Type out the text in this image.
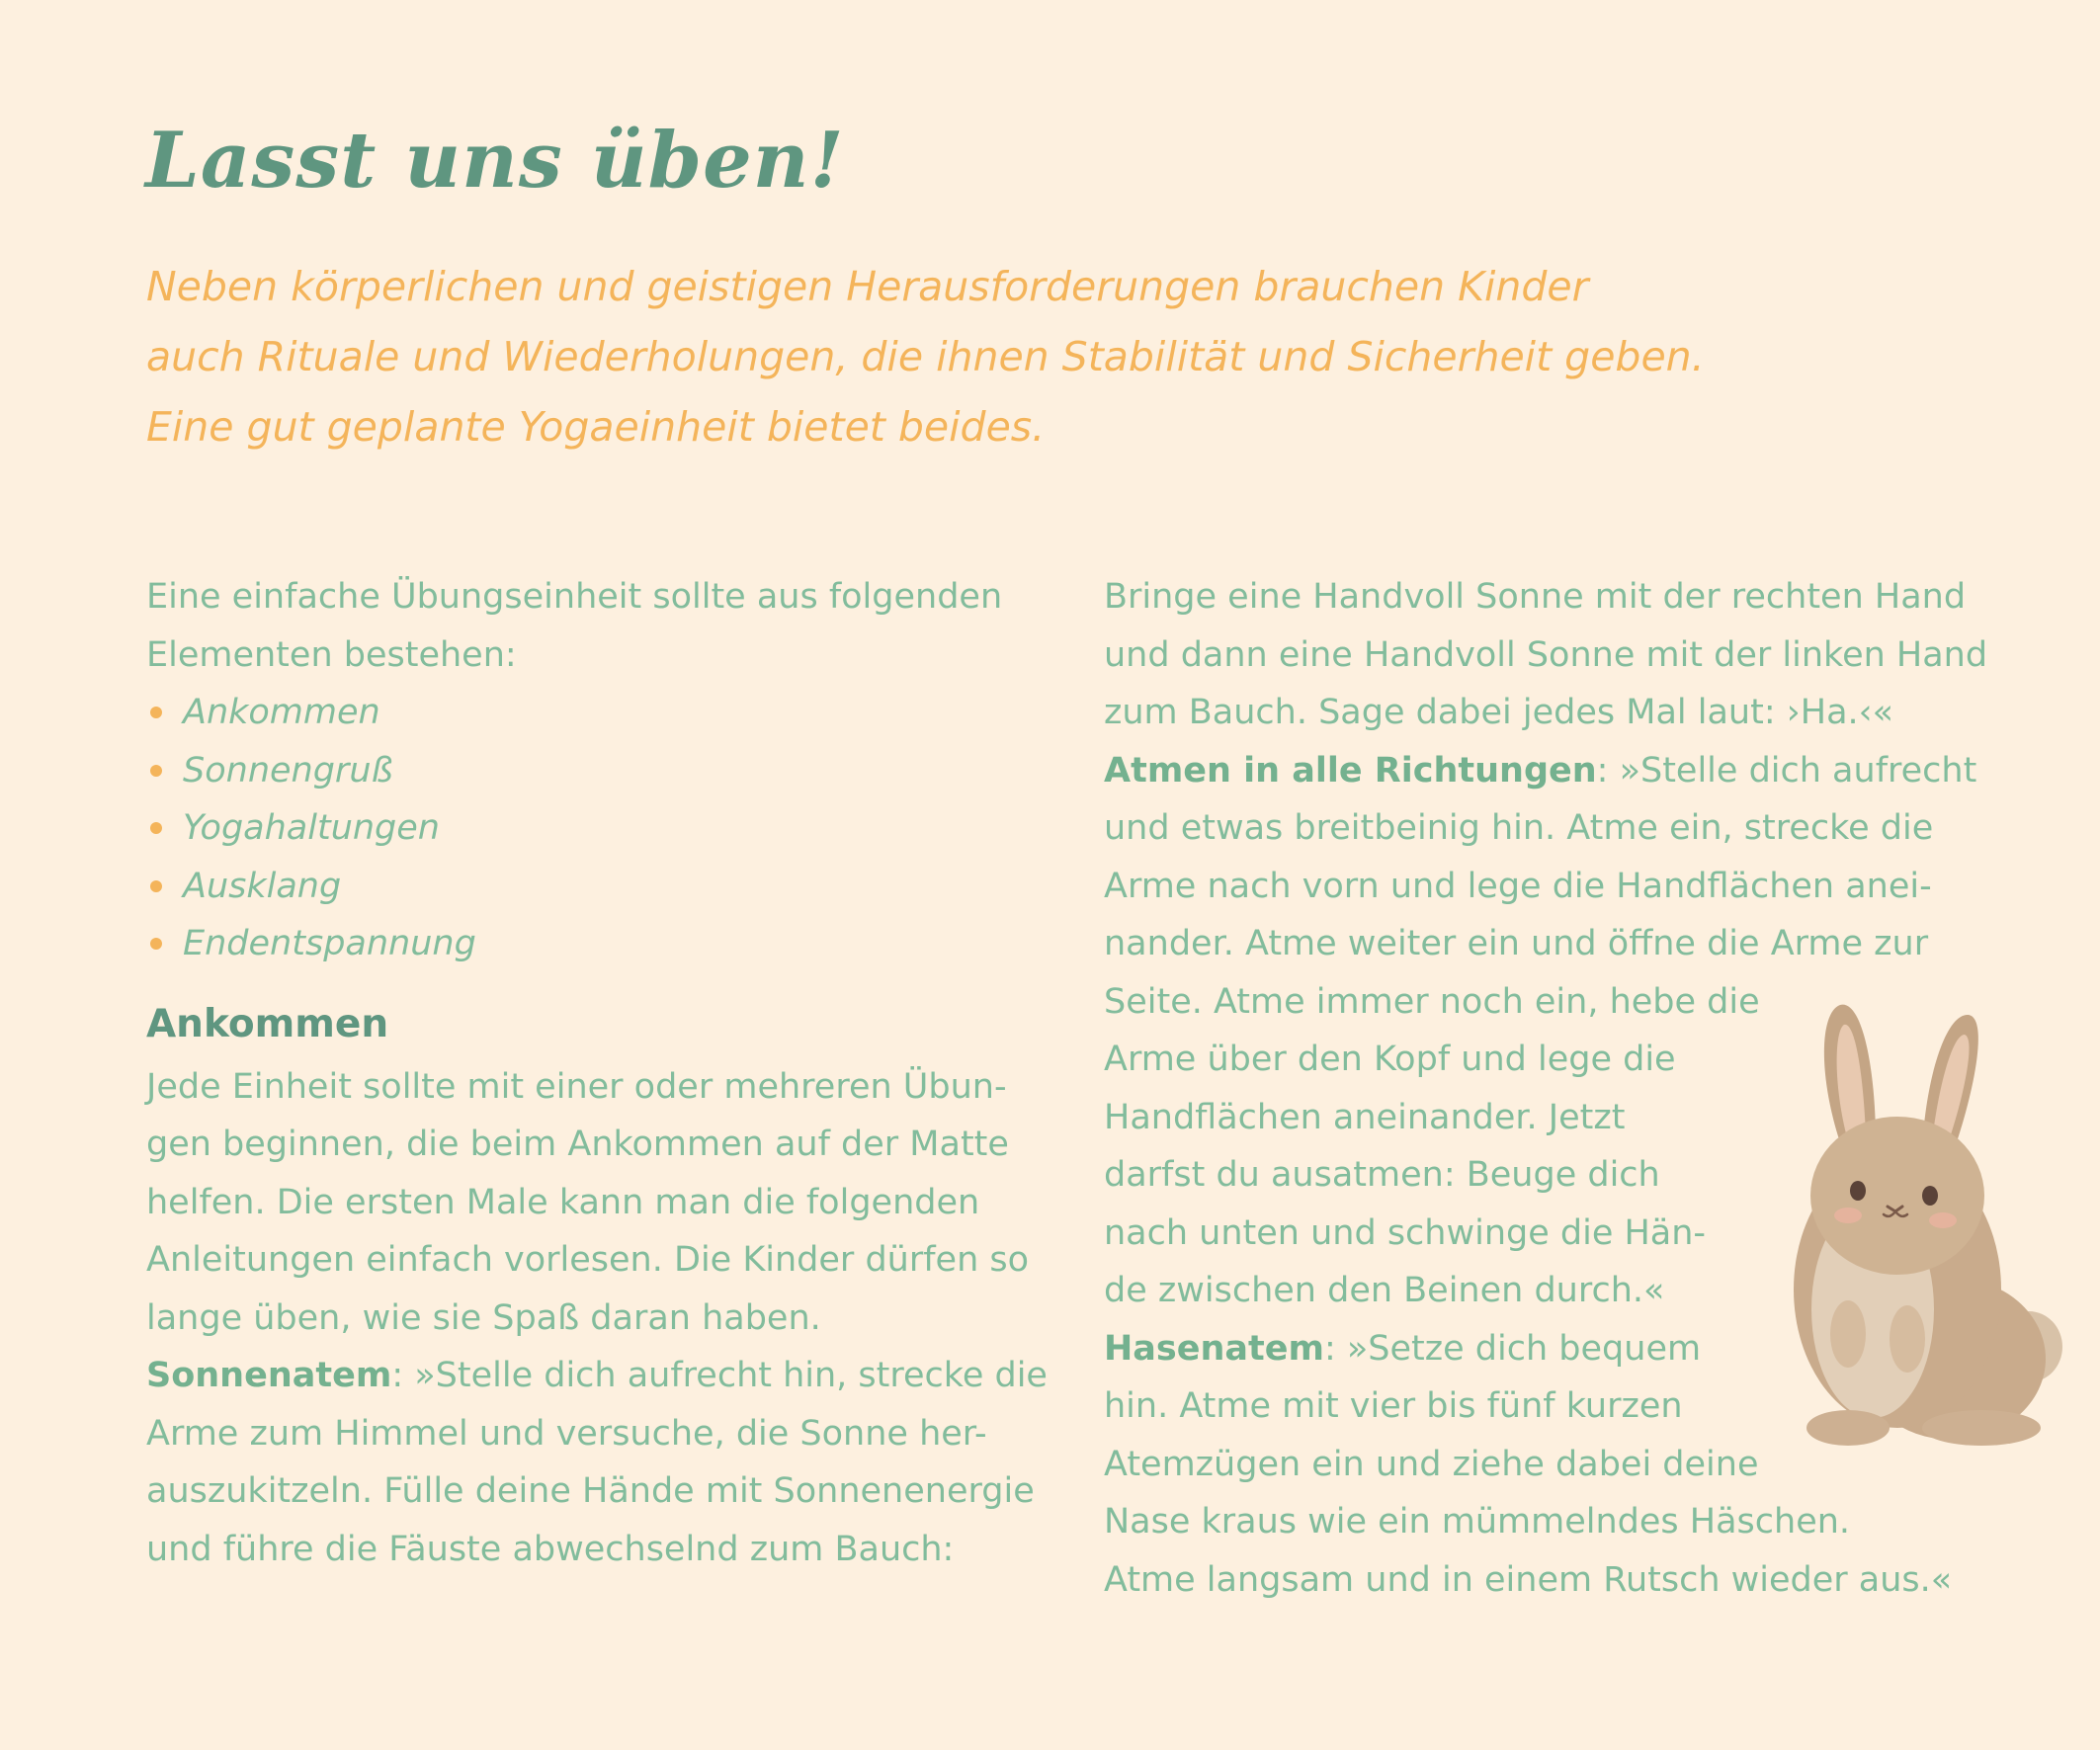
Lasst uns üben!
Neben körperlichen und geistigen Herausforderungen brauchen Kinder
auch Rituale und Wiederholungen, die ihnen Stabilität und Sicherheit geben.
Eine gut geplante Yogaeinheit bietet beides.
Eine einfache Übungseinheit sollte aus folgenden
Elementen bestehen:
Ankommen
Sonnengruß
Yogahaltungen
Ausklang
Endentspannung
Ankommen
Jede Einheit sollte mit einer oder mehreren Übun-
gen beginnen, die beim Ankommen auf der Matte
helfen. Die ersten Male kann man die folgenden
Anleitungen einfach vorlesen. Die Kinder dürfen so
lange üben, wie sie Spaß daran haben.
Sonnenatem: »Stelle dich aufrecht hin, strecke die
Arme zum Himmel und versuche, die Sonne her-
auszukitzeln. Fülle deine Hände mit Sonnenenergie
und führe die Fäuste abwechselnd zum Bauch:
Bringe eine Handvoll Sonne mit der rechten Hand
und dann eine Handvoll Sonne mit der linken Hand
zum Bauch. Sage dabei jedes Mal laut: ›Ha.‹«
Atmen in alle Richtungen: »Stelle dich aufrecht
und etwas breitbeinig hin. Atme ein, strecke die
Arme nach vorn und lege die Handflächen anei-
nander. Atme weiter ein und öffne die Arme zur
Seite. Atme immer noch ein, hebe die
Arme über den Kopf und lege die
Handflächen aneinander. Jetzt
darfst du ausatmen: Beuge dich
nach unten und schwinge die Hän-
de zwischen den Beinen durch.«
Hasenatem: »Setze dich bequem
hin. Atme mit vier bis fünf kurzen
Atemzügen ein und ziehe dabei deine
Nase kraus wie ein mümmelndes Häschen.
Atme langsam und in einem Rutsch wieder aus.«
